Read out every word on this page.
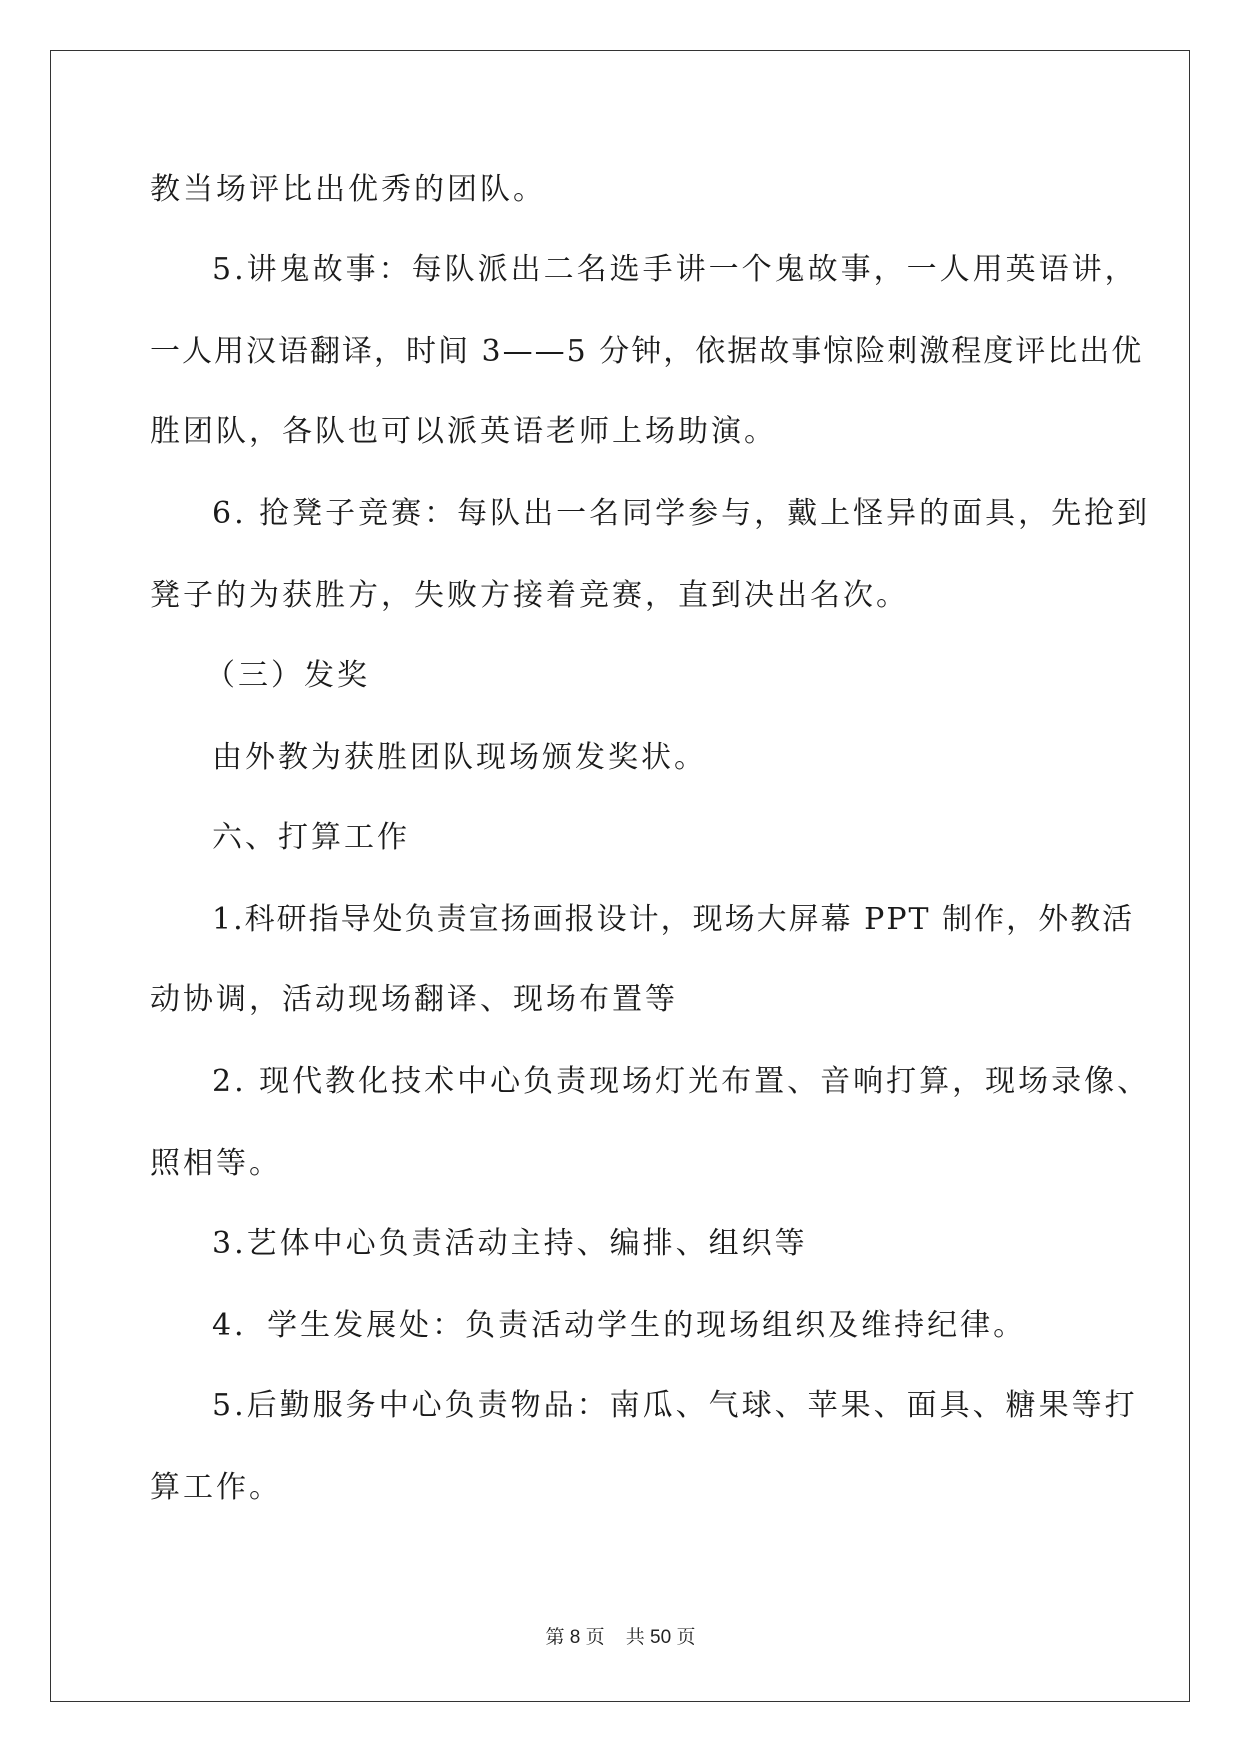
教当场评比出优秀的团队。
5.讲鬼故事：每队派出二名选手讲一个鬼故事，一人用英语讲，
一人用汉语翻译，时间 3——5 分钟，依据故事惊险刺激程度评比出优
胜团队，各队也可以派英语老师上场助演。
6. 抢凳子竞赛：每队出一名同学参与，戴上怪异的面具，先抢到
凳子的为获胜方，失败方接着竞赛，直到决出名次。
（三）发奖
由外教为获胜团队现场颁发奖状。
六、打算工作
1.科研指导处负责宣扬画报设计，现场大屏幕 PPT 制作，外教活
动协调，活动现场翻译、现场布置等
2. 现代教化技术中心负责现场灯光布置、音响打算，现场录像、
照相等。
3.艺体中心负责活动主持、编排、组织等
4．学生发展处：负责活动学生的现场组织及维持纪律。
5.后勤服务中心负责物品：南瓜、气球、苹果、面具、糖果等打
算工作。
第 8 页    共 50 页
